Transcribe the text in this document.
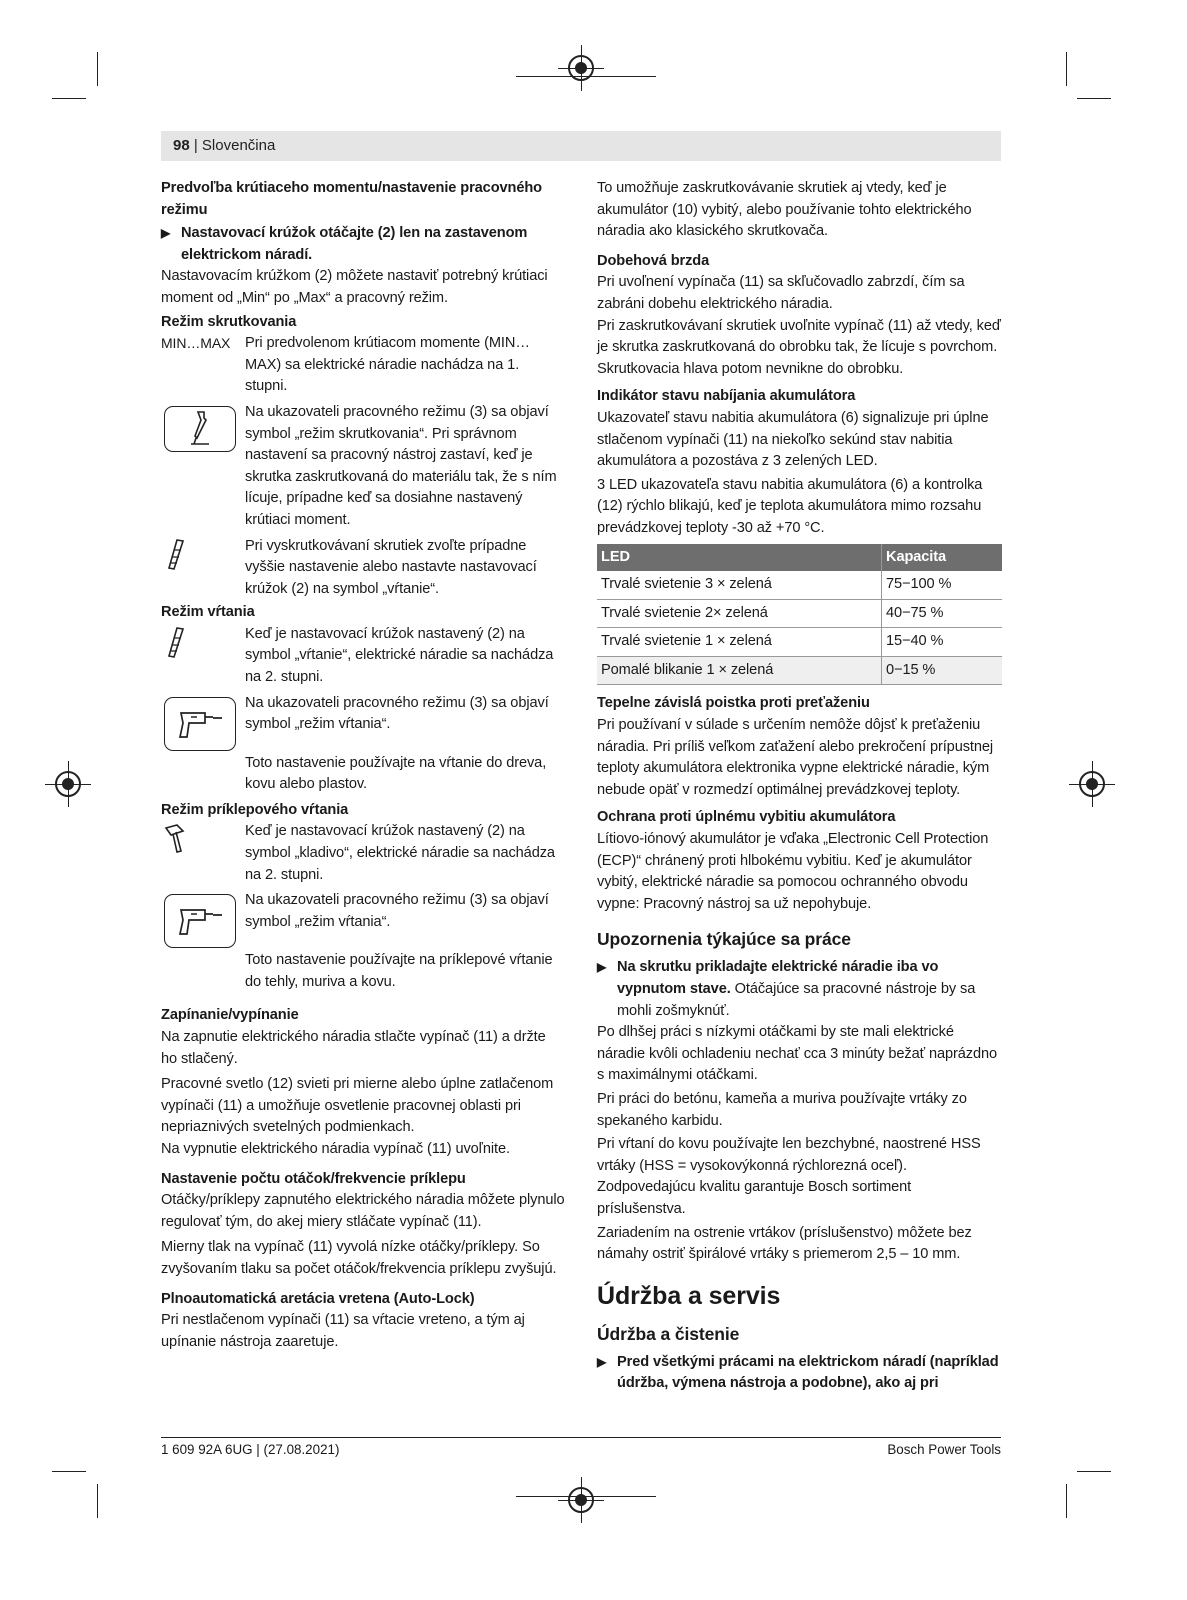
98 | Slovenčina

Predvoľba krútiaceho momentu/nastavenie pracovného režimu

▶ Nastavovací krúžok otáčajte (2) len na zastavenom elektrickom náradí.

Nastavovacím krúžkom (2) môžete nastaviť potrebný krútiaci moment od „Min“ po „Max“ a pracovný režim.

Režim skrutkovania

MIN…MAX	Pri predvolenom krútiacom momente (MIN…MAX) sa elektrické náradie nachádza na 1. stupni.
Na ukazovateli pracovného režimu (3) sa objaví symbol „režim skrutkovania“. Pri správnom nastavení sa pracovný nástroj zastaví, keď je skrutka zaskrutkovaná do materiálu tak, že s ním lícuje, prípadne keď sa dosiahne nastavený krútiaci moment.
Pri vyskrutkovávaní skrutiek zvoľte prípadne vyššie nastavenie alebo nastavte nastavovací krúžok (2) na symbol „vŕtanie“.

Režim vŕtania

Keď je nastavovací krúžok nastavený (2) na symbol „vŕtanie“, elektrické náradie sa nachádza na 2. stupni.
Na ukazovateli pracovného režimu (3) sa objaví symbol „režim vŕtania“.
Toto nastavenie používajte na vŕtanie do dreva, kovu alebo plastov.

Režim príklepového vŕtania

Keď je nastavovací krúžok nastavený (2) na symbol „kladivo“, elektrické náradie sa nachádza na 2. stupni.
Na ukazovateli pracovného režimu (3) sa objaví symbol „režim vŕtania“.
Toto nastavenie používajte na príklepové vŕtanie do tehly, muriva a kovu.

Zapínanie/vypínanie

Na zapnutie elektrického náradia stlačte vypínač (11) a držte ho stlačený.

Pracovné svetlo (12) svieti pri mierne alebo úplne zatlačenom vypínači (11) a umožňuje osvetlenie pracovnej oblasti pri nepriaznivých svetelných podmienkach.

Na vypnutie elektrického náradia vypínač (11) uvoľnite.

Nastavenie počtu otáčok/frekvencie príklepu

Otáčky/príklepy zapnutého elektrického náradia môžete plynulo regulovať tým, do akej miery stláčate vypínač (11).

Mierny tlak na vypínač (11) vyvolá nízke otáčky/príklepy. So zvyšovaním tlaku sa počet otáčok/frekvencia príklepu zvyšujú.

Plnoautomatická aretácia vretena (Auto-Lock)

Pri nestlačenom vypínači (11) sa vŕtacie vreteno, a tým aj upínanie nástroja zaaretuje.

To umožňuje zaskrutkovávanie skrutiek aj vtedy, keď je akumulátor (10) vybitý, alebo používanie tohto elektrického náradia ako klasického skrutkovača.

Dobehová brzda

Pri uvoľnení vypínača (11) sa skľučovadlo zabrzdí, čím sa zabráni dobehu elektrického náradia.

Pri zaskrutkovávaní skrutiek uvoľnite vypínač (11) až vtedy, keď je skrutka zaskrutkovaná do obrobku tak, že lícuje s povrchom. Skrutkovacia hlava potom nevnikne do obrobku.

Indikátor stavu nabíjania akumulátora

Ukazovateľ stavu nabitia akumulátora (6) signalizuje pri úplne stlačenom vypínači (11) na niekoľko sekúnd stav nabitia akumulátora a pozostáva z 3 zelených LED.

3 LED ukazovateľa stavu nabitia akumulátora (6) a kontrolka (12) rýchlo blikajú, keď je teplota akumulátora mimo rozsahu prevádzkovej teploty -30 až +70 °C.

LED	Kapacita
Trvalé svietenie 3 × zelená	75−100 %
Trvalé svietenie 2× zelená	40−75 %
Trvalé svietenie 1 × zelená	15−40 %
Pomalé blikanie 1 × zelená	0−15 %

Tepelne závislá poistka proti preťaženiu

Pri používaní v súlade s určením nemôže dôjsť k preťaženiu náradia. Pri príliš veľkom zaťažení alebo prekročení prípustnej teploty akumulátora elektronika vypne elektrické náradie, kým nebude opäť v rozmedzí optimálnej prevádzkovej teploty.

Ochrana proti úplnému vybitiu akumulátora

Lítiovo-iónový akumulátor je vďaka „Electronic Cell Protection (ECP)“ chránený proti hlbokému vybitiu. Keď je akumulátor vybitý, elektrické náradie sa pomocou ochranného obvodu vypne: Pracovný nástroj sa už nepohybuje.

Upozornenia týkajúce sa práce

▶ Na skrutku prikladajte elektrické náradie iba vo vypnutom stave. Otáčajúce sa pracovné nástroje by sa mohli zošmyknúť.

Po dlhšej práci s nízkymi otáčkami by ste mali elektrické náradie kvôli ochladeniu nechať cca 3 minúty bežať naprázdno s maximálnymi otáčkami.

Pri práci do betónu, kameňa a muriva používajte vrtáky zo spekaného karbidu.

Pri vŕtaní do kovu používajte len bezchybné, naostrené HSS vrtáky (HSS = vysokovýkonná rýchlorezná oceľ). Zodpovedajúcu kvalitu garantuje Bosch sortiment príslušenstva.

Zariadením na ostrenie vrtákov (príslušenstvo) môžete bez námahy ostriť špirálové vrtáky s priemerom 2,5 – 10 mm.

Údržba a servis

Údržba a čistenie

▶ Pred všetkými prácami na elektrickom náradí (napríklad údržba, výmena nástroja a podobne), ako aj pri

1 609 92A 6UG | (27.08.2021)	Bosch Power Tools
